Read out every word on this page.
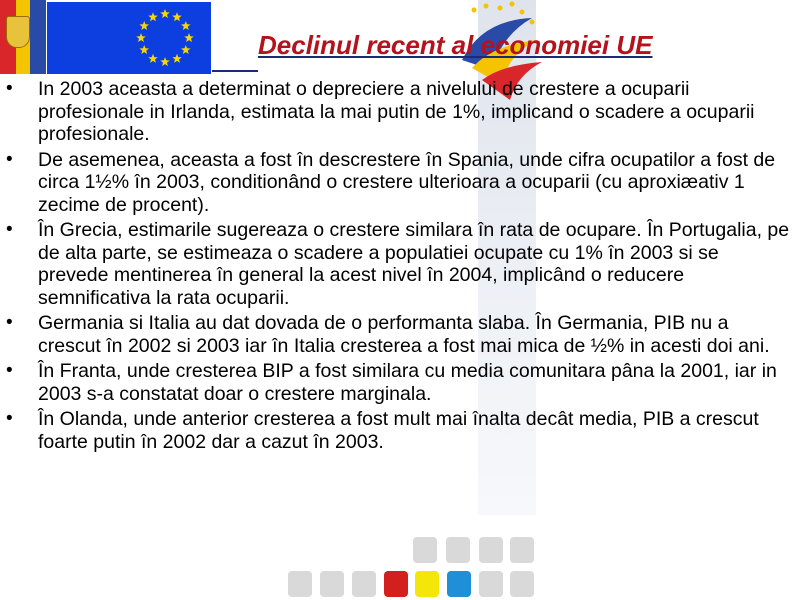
Declinul recent al economiei UE
• In 2003 aceasta a determinat o depreciere a nivelului de crestere a ocuparii profesionale in Irlanda, estimata la mai putin de 1%, implicand o scadere a ocuparii profesionale.
• De asemenea, aceasta a fost în descrestere în Spania, unde cifra ocupatilor a fost de circa 1½% în 2003, conditionând o crestere ulterioara a ocuparii (cu aproxiæativ 1 zecime de procent).
• În Grecia, estimarile sugereaza o crestere similara în rata de ocupare. În Portugalia, pe de alta parte, se estimeaza o scadere a populatiei ocupate cu 1% în 2003 si se prevede mentinerea în general la acest nivel în 2004, implicând o reducere semnificativa la rata ocuparii.
• Germania si Italia au dat dovada de o performanta slaba. În Germania, PIB nu a crescut în 2002 si 2003 iar în Italia cresterea a fost mai mica de ½% in acesti doi ani.
• În Franta, unde cresterea BIP a fost similara cu media comunitara pâna la 2001, iar in 2003 s-a constatat doar o crestere marginala.
• În Olanda, unde anterior cresterea a fost mult mai înalta decât media, PIB a crescut foarte putin în 2002 dar a cazut în 2003.
